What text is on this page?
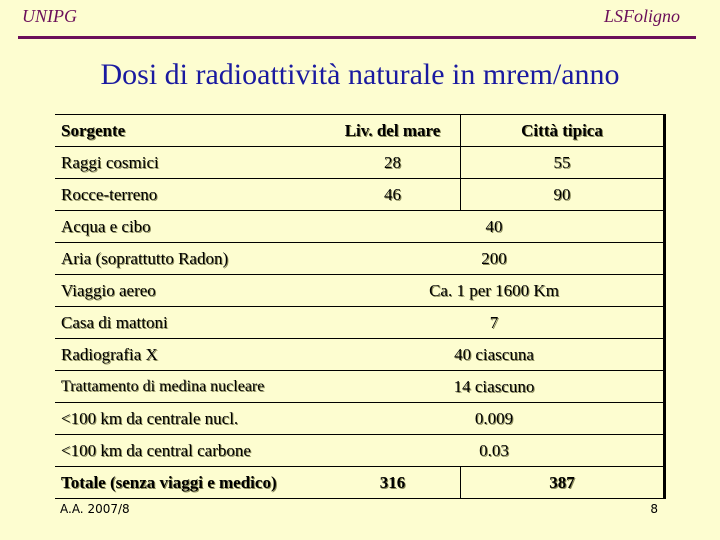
UNIPG	LSFoligno
Dosi di radioattività naturale in mrem/anno
Sorgente	Liv. del mare	Città tipica
Raggi cosmici	28	55
Rocce-terreno	46	90
Acqua e cibo	40	
Aria (soprattutto Radon)	200	
Viaggio aereo	Ca. 1 per 1600 Km	
Casa di mattoni	7	
Radiografia X	40 ciascuna	
Trattamento di medina nucleare	14 ciascuno	
<100 km da centrale nucl.	0.009	
<100 km da central carbone	0.03	
Totale (senza viaggi e medico)	316	387
A.A. 2007/8	8
